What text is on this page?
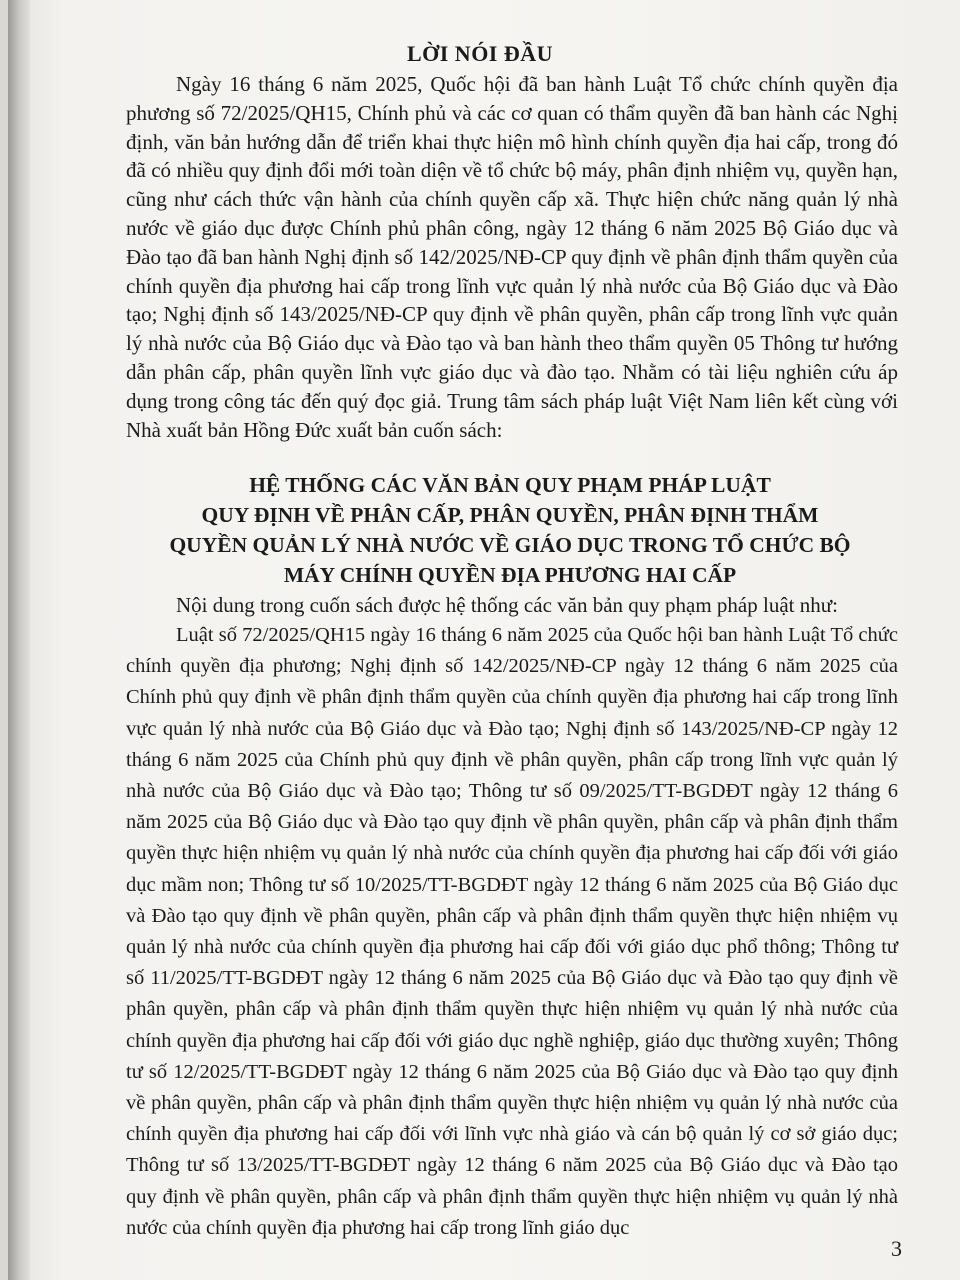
LỜI NÓI ĐẦU

Ngày 16 tháng 6 năm 2025, Quốc hội đã ban hành Luật Tổ chức chính quyền địa phương số 72/2025/QH15, Chính phủ và các cơ quan có thẩm quyền đã ban hành các Nghị định, văn bản hướng dẫn để triển khai thực hiện mô hình chính quyền địa hai cấp, trong đó đã có nhiều quy định đổi mới toàn diện về tổ chức bộ máy, phân định nhiệm vụ, quyền hạn, cũng như cách thức vận hành của chính quyền cấp xã. Thực hiện chức năng quản lý nhà nước về giáo dục được Chính phủ phân công, ngày 12 tháng 6 năm 2025 Bộ Giáo dục và Đào tạo đã ban hành Nghị định số 142/2025/NĐ-CP quy định về phân định thẩm quyền của chính quyền địa phương hai cấp trong lĩnh vực quản lý nhà nước của Bộ Giáo dục và Đào tạo; Nghị định số 143/2025/NĐ-CP quy định về phân quyền, phân cấp trong lĩnh vực quản lý nhà nước của Bộ Giáo dục và Đào tạo và ban hành theo thẩm quyền 05 Thông tư hướng dẫn phân cấp, phân quyền lĩnh vực giáo dục và đào tạo. Nhằm có tài liệu nghiên cứu áp dụng trong công tác đến quý đọc giả. Trung tâm sách pháp luật Việt Nam liên kết cùng với Nhà xuất bản Hồng Đức xuất bản cuốn sách:

HỆ THỐNG CÁC VĂN BẢN QUY PHẠM PHÁP LUẬT
QUY ĐỊNH VỀ PHÂN CẤP, PHÂN QUYỀN, PHÂN ĐỊNH THẨM
QUYỀN QUẢN LÝ NHÀ NƯỚC VỀ GIÁO DỤC TRONG TỔ CHỨC BỘ
MÁY CHÍNH QUYỀN ĐỊA PHƯƠNG HAI CẤP

Nội dung trong cuốn sách được hệ thống các văn bản quy phạm pháp luật như:

Luật số 72/2025/QH15 ngày 16 tháng 6 năm 2025 của Quốc hội ban hành Luật Tổ chức chính quyền địa phương; Nghị định số 142/2025/NĐ-CP ngày 12 tháng 6 năm 2025 của Chính phủ quy định về phân định thẩm quyền của chính quyền địa phương hai cấp trong lĩnh vực quản lý nhà nước của Bộ Giáo dục và Đào tạo; Nghị định số 143/2025/NĐ-CP ngày 12 tháng 6 năm 2025 của Chính phủ quy định về phân quyền, phân cấp trong lĩnh vực quản lý nhà nước của Bộ Giáo dục và Đào tạo; Thông tư số 09/2025/TT-BGDĐT ngày 12 tháng 6 năm 2025 của Bộ Giáo dục và Đào tạo quy định về phân quyền, phân cấp và phân định thẩm quyền thực hiện nhiệm vụ quản lý nhà nước của chính quyền địa phương hai cấp đối với giáo dục mầm non; Thông tư số 10/2025/TT-BGDĐT ngày 12 tháng 6 năm 2025 của Bộ Giáo dục và Đào tạo quy định về phân quyền, phân cấp và phân định thẩm quyền thực hiện nhiệm vụ quản lý nhà nước của chính quyền địa phương hai cấp đối với giáo dục phổ thông; Thông tư số 11/2025/TT-BGDĐT ngày 12 tháng 6 năm 2025 của Bộ Giáo dục và Đào tạo quy định về phân quyền, phân cấp và phân định thẩm quyền thực hiện nhiệm vụ quản lý nhà nước của chính quyền địa phương hai cấp đối với giáo dục nghề nghiệp, giáo dục thường xuyên; Thông tư số 12/2025/TT-BGDĐT ngày 12 tháng 6 năm 2025 của Bộ Giáo dục và Đào tạo quy định về phân quyền, phân cấp và phân định thẩm quyền thực hiện nhiệm vụ quản lý nhà nước của chính quyền địa phương hai cấp đối với lĩnh vực nhà giáo và cán bộ quản lý cơ sở giáo dục; Thông tư số 13/2025/TT-BGDĐT ngày 12 tháng 6 năm 2025 của Bộ Giáo dục và Đào tạo quy định về phân quyền, phân cấp và phân định thẩm quyền thực hiện nhiệm vụ quản lý nhà nước của chính quyền địa phương hai cấp trong lĩnh giáo dục

3
